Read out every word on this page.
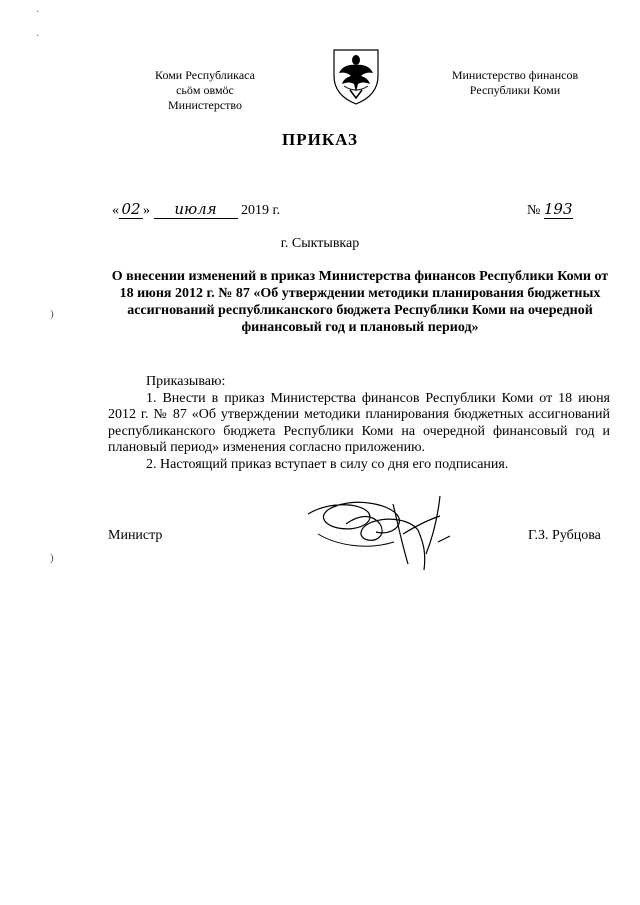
Коми Республикаса
сьӧм овмӧс
Министерство
Министерство финансов
Республики Коми
ПРИКАЗ
« 02 » июля 2019 г.	№ 193
г. Сыктывкар
О внесении изменений в приказ Министерства финансов Республики Коми от 18 июня 2012 г. № 87 «Об утверждении методики планирования бюджетных ассигнований республиканского бюджета Республики Коми на очередной финансовый год и плановый период»

Приказываю:

1. Внести в приказ Министерства финансов Республики Коми от 18 июня 2012 г. № 87 «Об утверждении методики планирования бюджетных ассигнований республиканского бюджета Республики Коми на очередной финансовый год и плановый период» изменения согласно приложению.

2. Настоящий приказ вступает в силу со дня его подписания.

Министр	Г.З. Рубцова
·
·
)
)
